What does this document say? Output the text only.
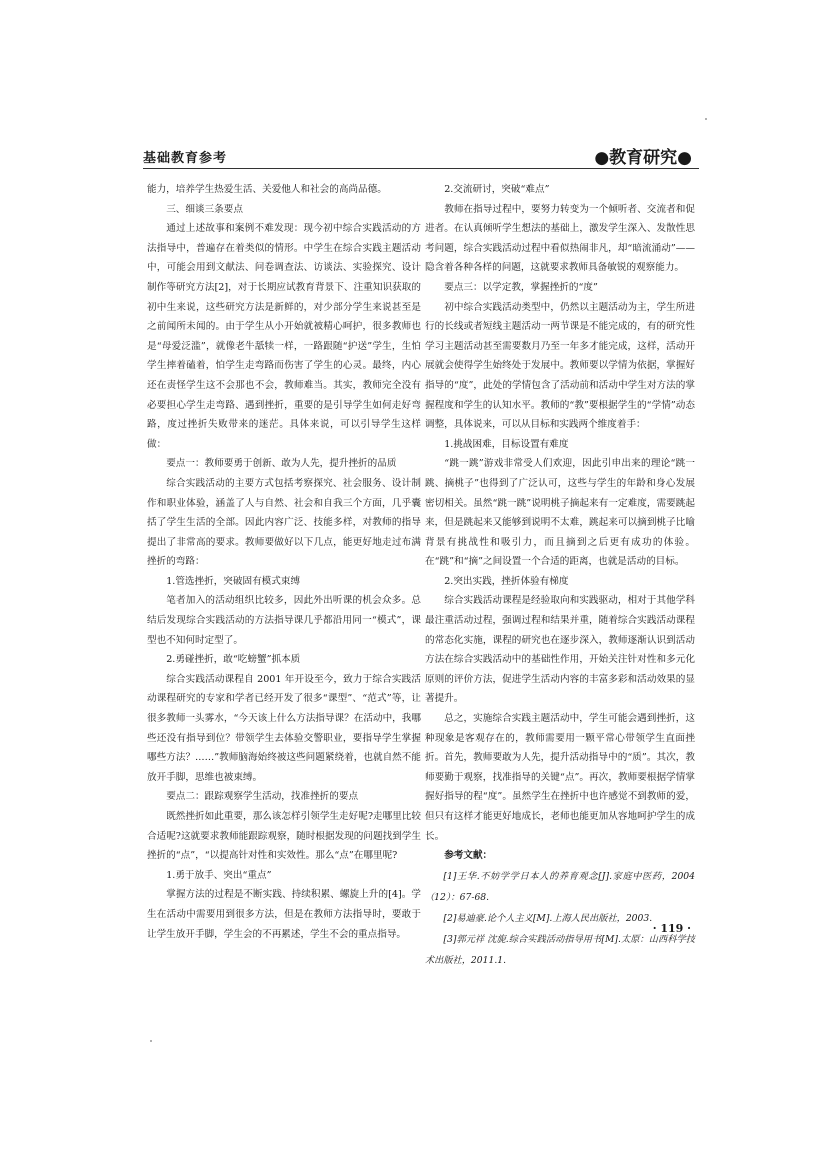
基础教育参考	●教育研究●

能力，培养学生热爱生活、关爱他人和社会的高尚品德。

三、细谈三条要点

通过上述故事和案例不难发现：现今初中综合实践活动的方法指导中，普遍存在着类似的情形。中学生在综合实践主题活动中，可能会用到文献法、问卷调查法、访谈法、实验探究、设计制作等研究方法[2]，对于长期应试教育背景下、注重知识获取的初中生来说，这些研究方法是新鲜的，对少部分学生来说甚至是之前闻所未闻的。由于学生从小开始就被精心呵护，很多教师也是“母爱泛滥”，就像老牛舐犊一样，一路跟随“护送”学生，生怕学生摔着磕着，怕学生走弯路而伤害了学生的心灵。最终，内心还在责怪学生这不会那也不会，教师难当。其实，教师完全没有必要担心学生走弯路、遇到挫折，重要的是引导学生如何走好弯路，度过挫折失败带来的迷茫。具体来说，可以引导学生这样做：

要点一：教师要勇于创新、敢为人先，提升挫折的品质

综合实践活动的主要方式包括考察探究、社会服务、设计制作和职业体验，涵盖了人与自然、社会和自我三个方面，几乎囊括了学生生活的全部。因此内容广泛、技能多样，对教师的指导提出了非常高的要求。教师要做好以下几点，能更好地走过布满挫折的弯路：

1.管选挫折，突破固有模式束缚

笔者加入的活动组织比较多，因此外出听课的机会众多。总结后发现综合实践活动的方法指导课几乎都沿用同一“模式”，课型也不知何时定型了。

2.勇碰挫折，敢“吃螃蟹”抓本质

综合实践活动课程自 2001 年开设至今，致力于综合实践活动课程研究的专家和学者已经开发了很多“课型”、“范式”等，让很多教师一头雾水，“今天该上什么方法指导课？在活动中，我哪些还没有指导到位？带领学生去体验交警职业，要指导学生掌握哪些方法？……”教师脑海始终被这些问题紧绕着，也就自然不能放开手脚，思维也被束缚。

要点二：跟踪观察学生活动，找准挫折的要点

既然挫折如此重要，那么该怎样引领学生走好呢?走哪里比较合适呢?这就要求教师能跟踪观察，随时根据发现的问题找到学生挫折的“点”，“以提高针对性和实效性。那么“点”在哪里呢?

1.勇于放手、突出“重点”

掌握方法的过程是不断实践、持续积累、螺旋上升的[4]。学生在活动中需要用到很多方法，但是在教师方法指导时，要敢于让学生放开手脚，学生会的不再累述，学生不会的重点指导。

2.交流研讨，突破“难点”

教师在指导过程中，要努力转变为一个倾听者、交流者和促进者。在认真倾听学生想法的基础上，激发学生深入、发散性思考问题，综合实践活动过程中看似热闹非凡，却“暗流涌动”——隐含着各种各样的问题，这就要求教师具备敏锐的观察能力。

要点三：以学定教，掌握挫折的“度”

初中综合实践活动类型中，仍然以主题活动为主，学生所进行的长线或者短线主题活动一两节课是不能完成的，有的研究性学习主题活动甚至需要数月乃至一年多才能完成，这样，活动开展就会使得学生始终处于发展中。教师要以学情为依据，掌握好指导的“度”，此处的学情包含了活动前和活动中学生对方法的掌握程度和学生的认知水平。教师的“教”要根据学生的“学情”动态调整，具体说来，可以从目标和实践两个维度着手：

1.挑战困难，目标设置有难度

“跳一跳”游戏非常受人们欢迎，因此引申出来的理论“跳一跳、摘桃子”也得到了广泛认可，这些与学生的年龄和身心发展密切相关。虽然“跳一跳”说明桃子摘起来有一定难度，需要跳起来，但是跳起来又能够到说明不太难，跳起来可以摘到桃子比喻背景有挑战性和吸引力，而且摘到之后更有成功的体验。在“跳”和“摘”之间设置一个合适的距离，也就是活动的目标。

2.突出实践，挫折体验有梯度

综合实践活动课程是经验取向和实践驱动，相对于其他学科最注重活动过程，强调过程和结果并重，随着综合实践活动课程的常态化实施，课程的研究也在逐步深入，教师逐渐认识到活动方法在综合实践活动中的基础性作用，开始关注针对性和多元化原则的评价方法，促进学生活动内容的丰富多彩和活动效果的显著提升。

总之，实施综合实践主题活动中，学生可能会遇到挫折，这种现象是客观存在的，教师需要用一颗平常心带领学生直面挫折。首先，教师要敢为人先，提升活动指导中的“质”。其次，教师要勤于观察，找准指导的关键“点”。再次，教师要根据学情掌握好指导的程“度”。虽然学生在挫折中也许感觉不到教师的爱，但只有这样才能更好地成长，老师也能更加从容地呵护学生的成长。

参考文献：

[1]王华.不妨学学日本人的养育观念[J].家庭中医药，2004（12）：67-68.

[2]易迪豪.论个人主义[M].上海人民出版社，2003.

[3]郭元祥 沈旎.综合实践活动指导用书[M].太原：山西科学技术出版社，2011.1.

· 119 ·
